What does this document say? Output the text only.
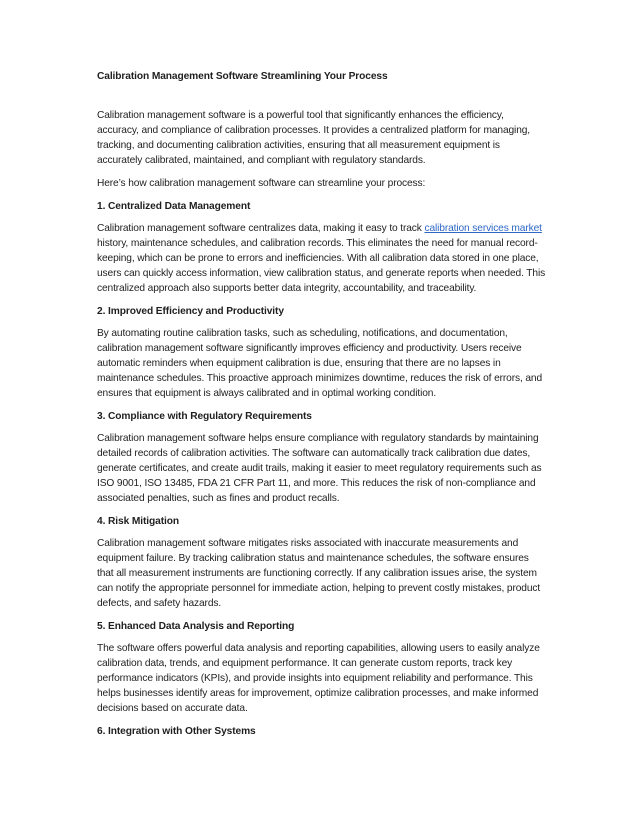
Calibration Management Software Streamlining Your Process

Calibration management software is a powerful tool that significantly enhances the efficiency, accuracy, and compliance of calibration processes. It provides a centralized platform for managing, tracking, and documenting calibration activities, ensuring that all measurement equipment is accurately calibrated, maintained, and compliant with regulatory standards.

Here’s how calibration management software can streamline your process:

1. Centralized Data Management

Calibration management software centralizes data, making it easy to track calibration services market history, maintenance schedules, and calibration records. This eliminates the need for manual record-keeping, which can be prone to errors and inefficiencies. With all calibration data stored in one place, users can quickly access information, view calibration status, and generate reports when needed. This centralized approach also supports better data integrity, accountability, and traceability.

2. Improved Efficiency and Productivity

By automating routine calibration tasks, such as scheduling, notifications, and documentation, calibration management software significantly improves efficiency and productivity. Users receive automatic reminders when equipment calibration is due, ensuring that there are no lapses in maintenance schedules. This proactive approach minimizes downtime, reduces the risk of errors, and ensures that equipment is always calibrated and in optimal working condition.

3. Compliance with Regulatory Requirements

Calibration management software helps ensure compliance with regulatory standards by maintaining detailed records of calibration activities. The software can automatically track calibration due dates, generate certificates, and create audit trails, making it easier to meet regulatory requirements such as ISO 9001, ISO 13485, FDA 21 CFR Part 11, and more. This reduces the risk of non-compliance and associated penalties, such as fines and product recalls.

4. Risk Mitigation

Calibration management software mitigates risks associated with inaccurate measurements and equipment failure. By tracking calibration status and maintenance schedules, the software ensures that all measurement instruments are functioning correctly. If any calibration issues arise, the system can notify the appropriate personnel for immediate action, helping to prevent costly mistakes, product defects, and safety hazards.

5. Enhanced Data Analysis and Reporting

The software offers powerful data analysis and reporting capabilities, allowing users to easily analyze calibration data, trends, and equipment performance. It can generate custom reports, track key performance indicators (KPIs), and provide insights into equipment reliability and performance. This helps businesses identify areas for improvement, optimize calibration processes, and make informed decisions based on accurate data.

6. Integration with Other Systems
